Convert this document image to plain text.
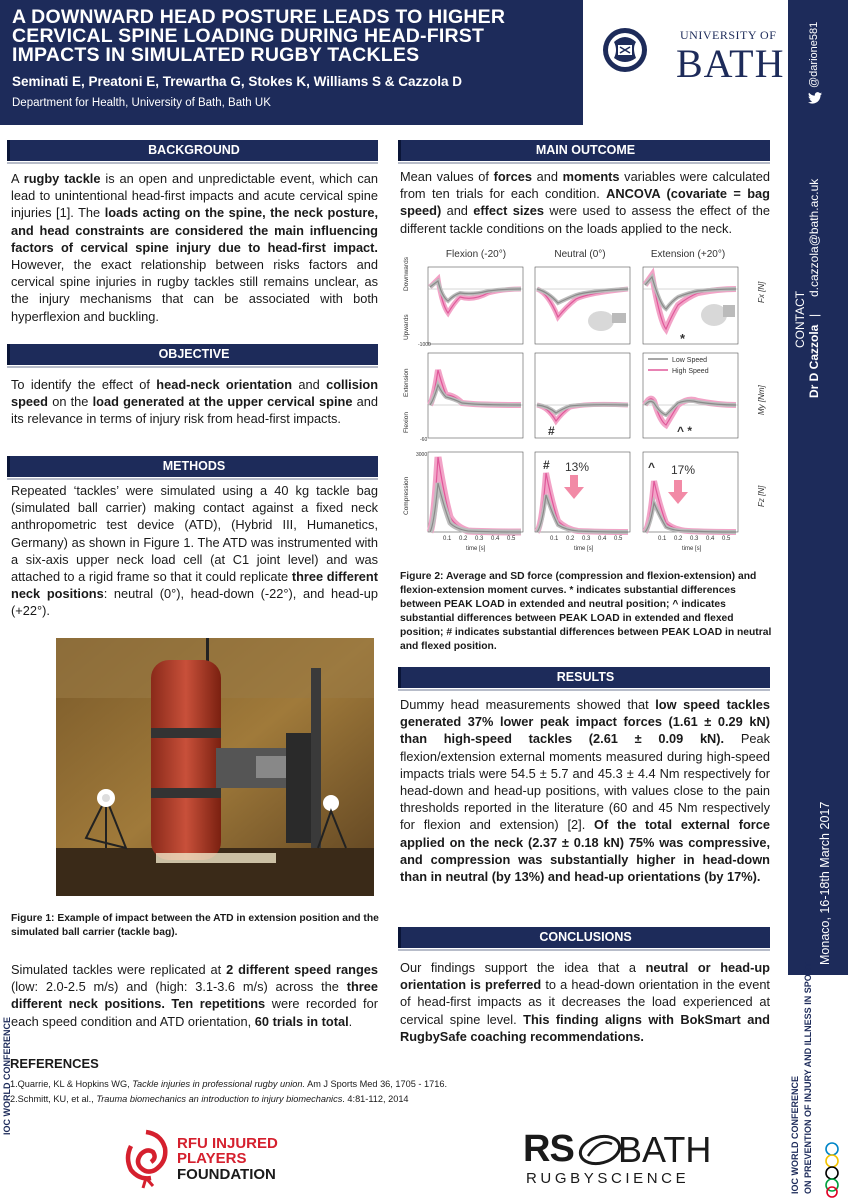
A DOWNWARD HEAD POSTURE LEADS TO HIGHER
CERVICAL SPINE LOADING DURING HEAD-FIRST
IMPACTS IN SIMULATED RUGBY TACKLES
Seminati E, Preatoni E, Trewartha G, Stokes K, Williams S & Cazzola D
Department for Health, University of Bath, Bath UK
UNIVERSITY OF
BATH @darione581
d.cazzola@bath.ac.uk
|
Dr D Cazzola
CONTACT
Monaco, 16-18th March 2017
IOC WORLD CONFERENCE	IOC WORLD CONFERENCE ON PREVENTION OF INJURY AND ILLNESS IN SPORT
BACKGROUND
A rugby tackle is an open and unpredictable event, which can lead to unintentional head-first impacts and acute cervical spine injuries [1]. The loads acting on the spine, the neck posture, and head constraints are considered the main influencing factors of cervical spine injury due to head-first impact. However, the exact relationship between risks factors and cervical spine injuries in rugby tackles still remains unclear, as the injury mechanisms that can be associated with both hyperflexion and buckling.
OBJECTIVE
To identify the effect of head-neck orientation and collision speed on the load generated at the upper cervical spine and its relevance in terms of injury risk from head-first impacts.
METHODS
Repeated ‘tackles’ were simulated using a 40 kg tackle bag (simulated ball carrier) making contact against a fixed neck anthropometric test device (ATD), (Hybrid III, Humanetics, Germany) as shown in Figure 1. The ATD was instrumented with a six-axis upper neck load cell (at C1 joint level) and was attached to a rigid frame so that it could replicate three different neck positions: neutral (0°), head-down (-22°), and head-up (+22°).
Figure 1: Example of impact between the ATD in extension position and the simulated ball carrier (tackle bag).
Simulated tackles were replicated at 2 different speed ranges (low: 2.0-2.5 m/s) and (high: 3.1-3.6 m/s) across the three different neck positions. Ten repetitions were recorded for each speed condition and ATD orientation, 60 trials in total.
MAIN OUTCOME
Mean values of forces and moments variables were calculated from ten trials for each condition. ANCOVA (covariate = bag speed) and effect sizes were used to assess the effect of the different tackle conditions on the loads applied to the neck.
Flexion (-20°)	Neutral (0°)	Extension (+20°)
*
Downwards
Upwards
-1000
Fx [N]
Low Speed
High Speed
#	^ *
Extension
Flexion
-60
My [Nm]
# 13%	^ 17%
Compression
3000
Fz [N]
0.1 0.2 0.3 0.4 0.5	0.1 0.2 0.3 0.4 0.5	0.1 0.2 0.3 0.4 0.5
time [s]	time [s]	time [s]
Figure 2: Average and SD force (compression and flexion-extension) and flexion-extension moment curves. * indicates substantial differences between PEAK LOAD in extended and neutral position; ^ indicates substantial differences between PEAK LOAD in extended and flexed position; # indicates substantial differences between PEAK LOAD in neutral and flexed position.
RESULTS
Dummy head measurements showed that low speed tackles generated 37% lower peak impact forces (1.61 ± 0.29 kN) than high-speed tackles (2.61 ± 0.09 kN). Peak flexion/extension external moments measured during high-speed impacts trials were 54.5 ± 5.7 and 45.3 ± 4.4 Nm respectively for head-down and head-up positions, with values close to the pain thresholds reported in the literature (60 and 45 Nm respectively for flexion and extension) [2]. Of the total external force applied on the neck (2.37 ± 0.18 kN) 75% was compressive, and compression was substantially higher in head-down than in neutral (by 13%) and head-up orientations (by 17%).
CONCLUSIONS
Our findings support the idea that a neutral or head-up orientation is preferred to a head-down orientation in the event of head-first impacts as it decreases the load experienced at cervical spine level. This finding aligns with BokSmart and RugbySafe coaching recommendations.
REFERENCES
1.Quarrie, KL & Hopkins WG, Tackle injuries in professional rugby union. Am J Sports Med 36, 1705 - 1716.
2.Schmitt, KU, et al., Trauma biomechanics an introduction to injury biomechanics. 4:81-112, 2014
RFU INJURED
PLAYERS
FOUNDATION
RS BATH
RUGBYSCIENCE
